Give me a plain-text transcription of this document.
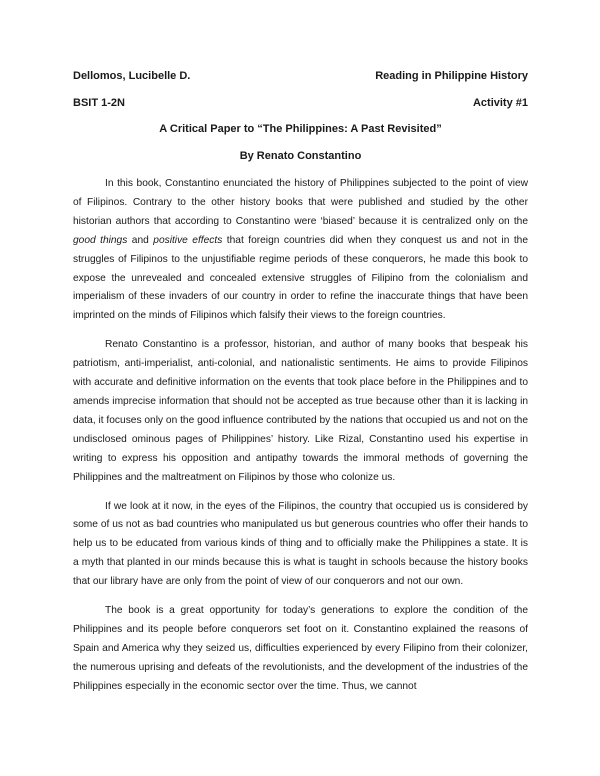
Dellomos, Lucibelle D.	Reading in Philippine History
BSIT 1-2N	Activity #1
A Critical Paper to “The Philippines: A Past Revisited”
By Renato Constantino

In this book, Constantino enunciated the history of Philippines subjected to the point of view of Filipinos. Contrary to the other history books that were published and studied by the other historian authors that according to Constantino were ‘biased’ because it is centralized only on the good things and positive effects that foreign countries did when they conquest us and not in the struggles of Filipinos to the unjustifiable regime periods of these conquerors, he made this book to expose the unrevealed and concealed extensive struggles of Filipino from the colonialism and imperialism of these invaders of our country in order to refine the inaccurate things that have been imprinted on the minds of Filipinos which falsify their views to the foreign countries.

Renato Constantino is a professor, historian, and author of many books that bespeak his patriotism, anti-imperialist, anti-colonial, and nationalistic sentiments. He aims to provide Filipinos with accurate and definitive information on the events that took place before in the Philippines and to amends imprecise information that should not be accepted as true because other than it is lacking in data, it focuses only on the good influence contributed by the nations that occupied us and not on the undisclosed ominous pages of Philippines’ history. Like Rizal, Constantino used his expertise in writing to express his opposition and antipathy towards the immoral methods of governing the Philippines and the maltreatment on Filipinos by those who colonize us.

If we look at it now, in the eyes of the Filipinos, the country that occupied us is considered by some of us not as bad countries who manipulated us but generous countries who offer their hands to help us to be educated from various kinds of thing and to officially make the Philippines a state. It is a myth that planted in our minds because this is what is taught in schools because the history books that our library have are only from the point of view of our conquerors and not our own.

The book is a great opportunity for today’s generations to explore the condition of the Philippines and its people before conquerors set foot on it. Constantino explained the reasons of Spain and America why they seized us, difficulties experienced by every Filipino from their colonizer, the numerous uprising and defeats of the revolutionists, and the development of the industries of the Philippines especially in the economic sector over the time. Thus, we cannot
